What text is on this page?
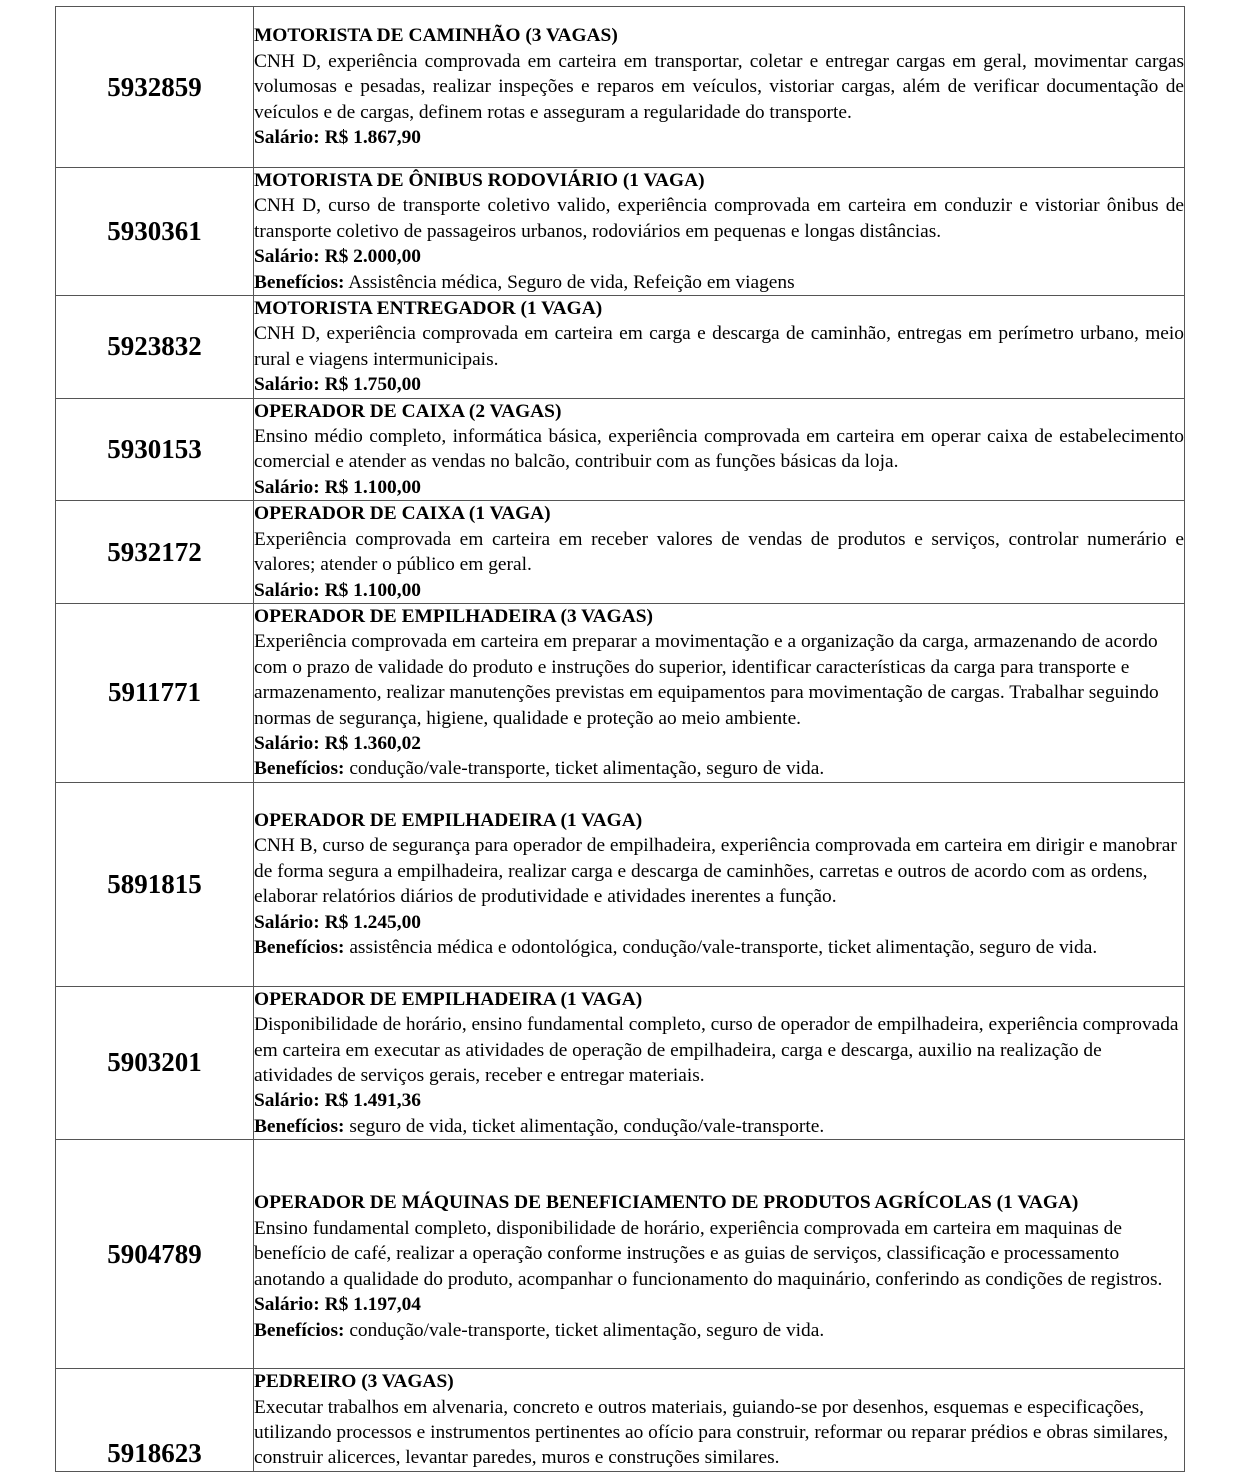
5932859	MOTORISTA DE CAMINHÃO (3 VAGAS)
CNH D, experiência comprovada em carteira em transportar, coletar e entregar cargas em geral, movimentar cargas volumosas e pesadas, realizar inspeções e reparos em veículos, vistoriar cargas, além de verificar documentação de veículos e de cargas, definem rotas e asseguram a regularidade do transporte.
Salário: R$ 1.867,90

5930361	MOTORISTA DE ÔNIBUS RODOVIÁRIO (1 VAGA)
CNH D, curso de transporte coletivo valido, experiência comprovada em carteira em conduzir e vistoriar ônibus de transporte coletivo de passageiros urbanos, rodoviários em pequenas e longas distâncias.
Salário: R$ 2.000,00
Benefícios: Assistência médica, Seguro de vida, Refeição em viagens

5923832	MOTORISTA ENTREGADOR (1 VAGA)
CNH D, experiência comprovada em carteira em carga e descarga de caminhão, entregas em perímetro urbano, meio rural e viagens intermunicipais.
Salário: R$ 1.750,00

5930153	OPERADOR DE CAIXA (2 VAGAS)
Ensino médio completo, informática básica, experiência comprovada em carteira em operar caixa de estabelecimento comercial e atender as vendas no balcão, contribuir com as funções básicas da loja.
Salário: R$ 1.100,00

5932172	OPERADOR DE CAIXA (1 VAGA)
Experiência comprovada em carteira em receber valores de vendas de produtos e serviços, controlar numerário e valores; atender o público em geral.
Salário: R$ 1.100,00

5911771	OPERADOR DE EMPILHADEIRA (3 VAGAS)
Experiência comprovada em carteira em preparar a movimentação e a organização da carga, armazenando de acordo com o prazo de validade do produto e instruções do superior, identificar características da carga para transporte e armazenamento, realizar manutenções previstas em equipamentos para movimentação de cargas. Trabalhar seguindo normas de segurança, higiene, qualidade e proteção ao meio ambiente.
Salário: R$ 1.360,02
Benefícios: condução/vale-transporte, ticket alimentação, seguro de vida.

5891815	OPERADOR DE EMPILHADEIRA (1 VAGA)
CNH B, curso de segurança para operador de empilhadeira, experiência comprovada em carteira em dirigir e manobrar de forma segura a empilhadeira, realizar carga e descarga de caminhões, carretas e outros de acordo com as ordens, elaborar relatórios diários de produtividade e atividades inerentes a função.
Salário: R$ 1.245,00
Benefícios: assistência médica e odontológica, condução/vale-transporte, ticket alimentação, seguro de vida.

5903201	OPERADOR DE EMPILHADEIRA (1 VAGA)
Disponibilidade de horário, ensino fundamental completo, curso de operador de empilhadeira, experiência comprovada em carteira em executar as atividades de operação de empilhadeira, carga e descarga, auxilio na realização de atividades de serviços gerais, receber e entregar materiais.
Salário: R$ 1.491,36
Benefícios: seguro de vida, ticket alimentação, condução/vale-transporte.

5904789	OPERADOR DE MÁQUINAS DE BENEFICIAMENTO DE PRODUTOS AGRÍCOLAS (1 VAGA)
Ensino fundamental completo, disponibilidade de horário, experiência comprovada em carteira em maquinas de benefício de café, realizar a operação conforme instruções e as guias de serviços, classificação e processamento anotando a qualidade do produto, acompanhar o funcionamento do maquinário, conferindo as condições de registros.
Salário: R$ 1.197,04
Benefícios: condução/vale-transporte, ticket alimentação, seguro de vida.

5918623	PEDREIRO (3 VAGAS)
Executar trabalhos em alvenaria, concreto e outros materiais, guiando-se por desenhos, esquemas e especificações, utilizando processos e instrumentos pertinentes ao ofício para construir, reformar ou reparar prédios e obras similares, construir alicerces, levantar paredes, muros e construções similares.
